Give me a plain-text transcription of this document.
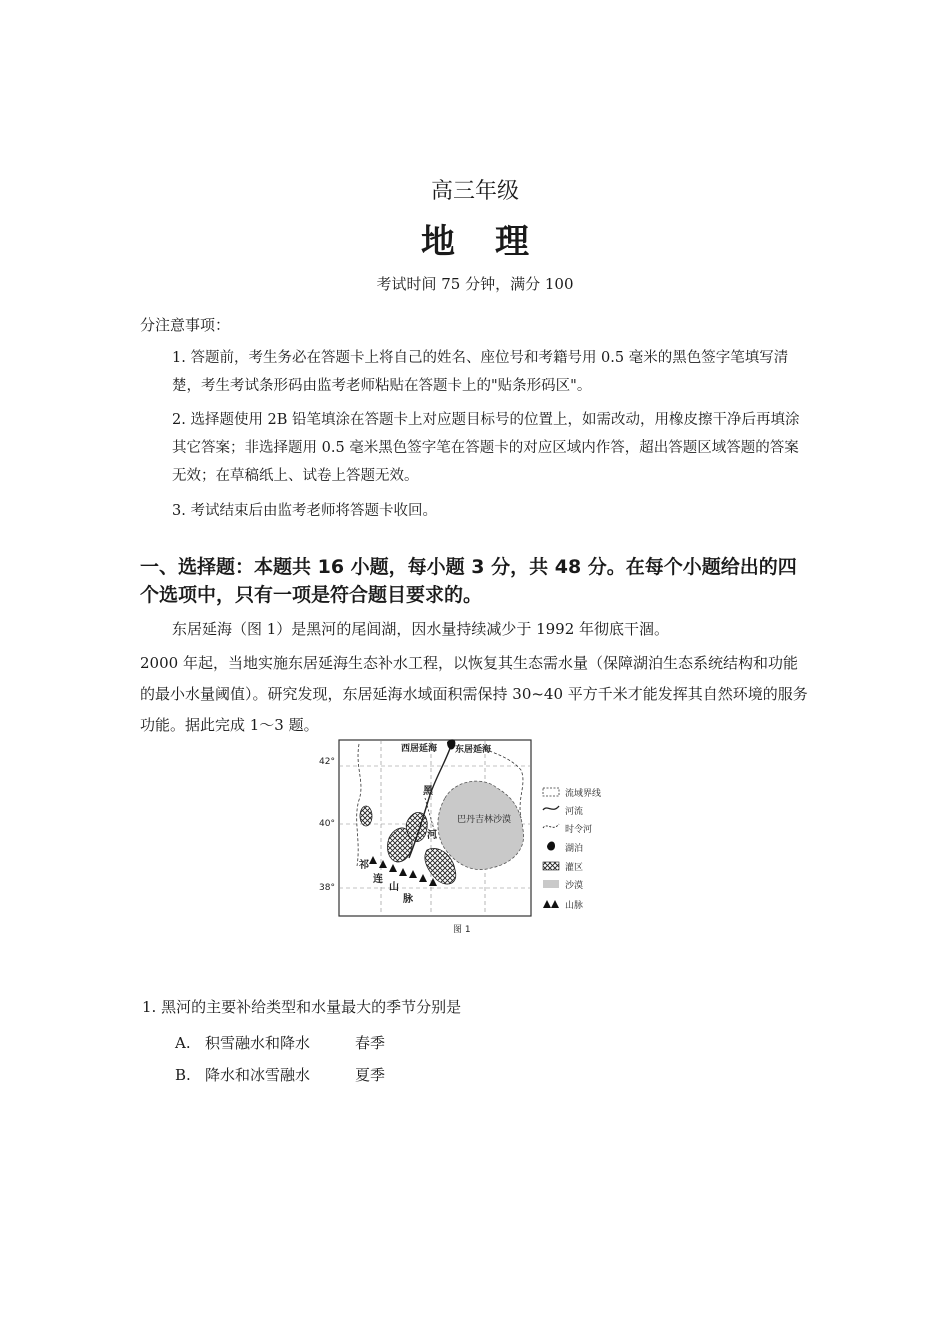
高三年级
地理
考试时间 75 分钟，满分 100
分注意事项：
1. 答题前，考生务必在答题卡上将自己的姓名、座位号和考籍号用 0.5 毫米的黑色签字笔填写清楚，考生考试条形码由监考老师粘贴在答题卡上的"贴条形码区"。
2. 选择题使用 2B 铅笔填涂在答题卡上对应题目标号的位置上，如需改动，用橡皮擦干净后再填涂其它答案；非选择题用 0.5 毫米黑色签字笔在答题卡的对应区域内作答，超出答题区域答题的答案无效；在草稿纸上、试卷上答题无效。
3. 考试结束后由监考老师将答题卡收回。
一、选择题：本题共 16 小题，每小题 3 分，共 48 分。在每个小题给出的四个选项中，只有一项是符合题目要求的。
东居延海（图 1）是黑河的尾闾湖，因水量持续减少于 1992 年彻底干涸。
2000 年起，当地实施东居延海生态补水工程，以恢复其生态需水量（保障湖泊生态系统结构和功能的最小水量阈值）。研究发现，东居延海水域面积需保持 30~40 平方千米才能发挥其自然环境的服务功能。据此完成 1～3 题。
42°
40°
38°
西居延海 东居延海
巴丹吉林沙漠
黑
河
祁
连
山
脉
流域界线
河流
时令河
湖泊
灌区
沙漠
山脉
图 1
1. 黑河的主要补给类型和水量最大的季节分别是
A. 积雪融水和降水	春季
B. 降水和冰雪融水	夏季
